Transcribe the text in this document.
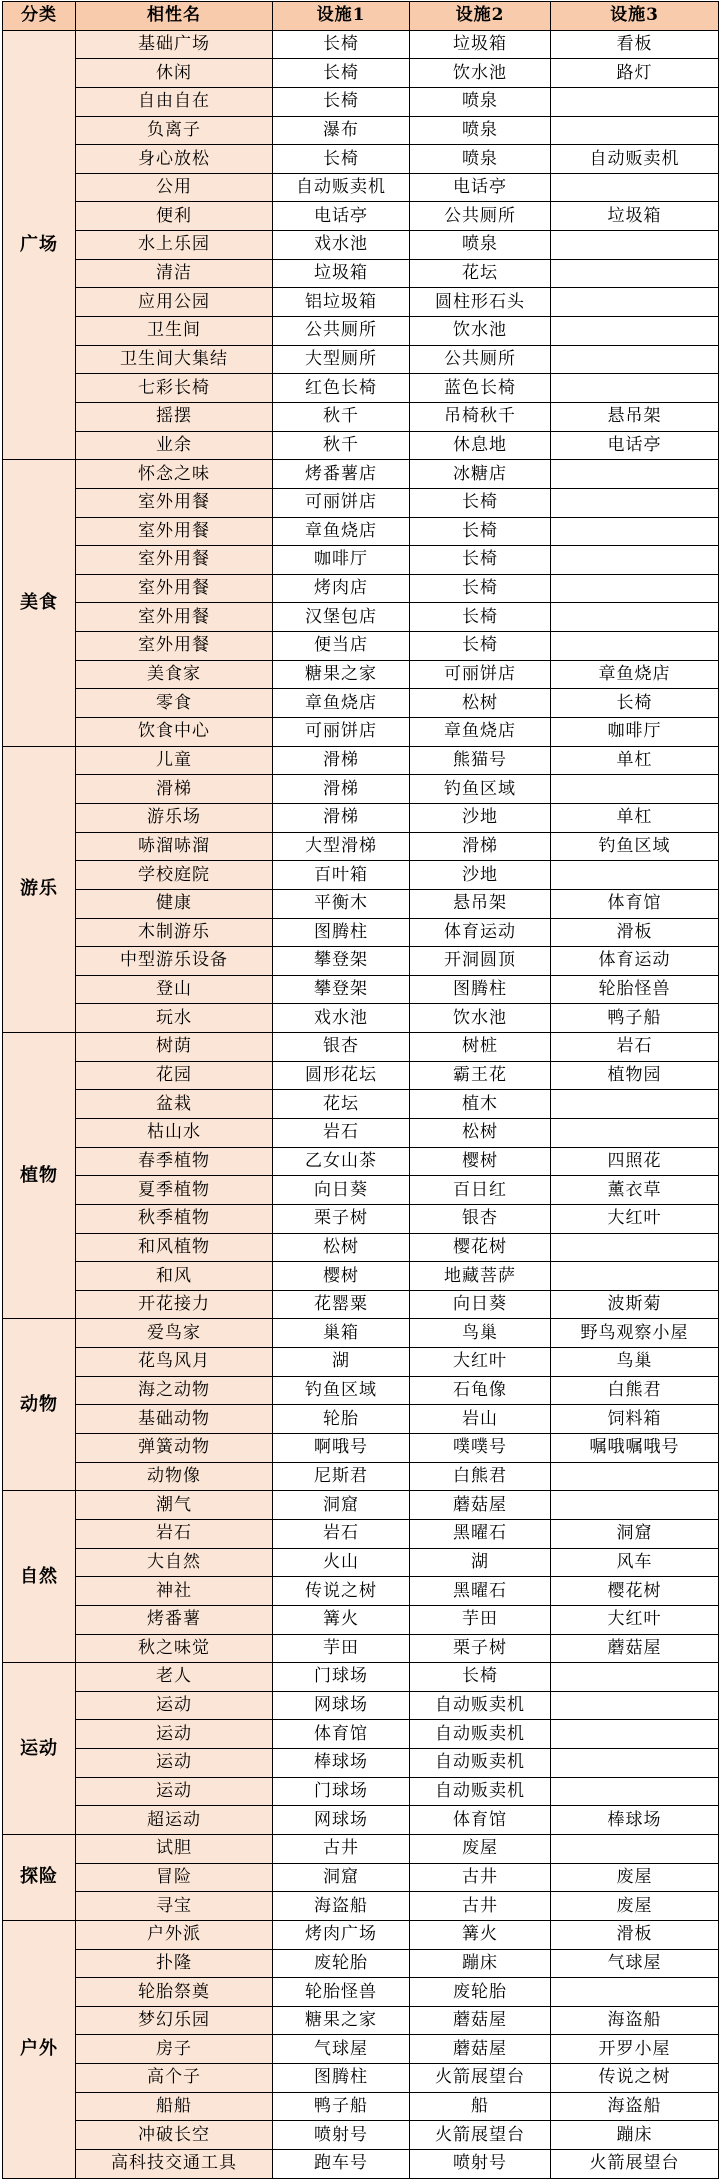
分类	相性名	设施1	设施2	设施3
广场	基础广场	长椅	垃圾箱	看板
	休闲	长椅	饮水池	路灯
	自由自在	长椅	喷泉	
	负离子	瀑布	喷泉	
	身心放松	长椅	喷泉	自动贩卖机
	公用	自动贩卖机	电话亭	
	便利	电话亭	公共厕所	垃圾箱
	水上乐园	戏水池	喷泉	
	清洁	垃圾箱	花坛	
	应用公园	铝垃圾箱	圆柱形石头	
	卫生间	公共厕所	饮水池	
	卫生间大集结	大型厕所	公共厕所	
	七彩长椅	红色长椅	蓝色长椅	
	摇摆	秋千	吊椅秋千	悬吊架
	业余	秋千	休息地	电话亭
美食	怀念之味	烤番薯店	冰糖店	
	室外用餐	可丽饼店	长椅	
	室外用餐	章鱼烧店	长椅	
	室外用餐	咖啡厅	长椅	
	室外用餐	烤肉店	长椅	
	室外用餐	汉堡包店	长椅	
	室外用餐	便当店	长椅	
	美食家	糖果之家	可丽饼店	章鱼烧店
	零食	章鱼烧店	松树	长椅
	饮食中心	可丽饼店	章鱼烧店	咖啡厅
游乐	儿童	滑梯	熊猫号	单杠
	滑梯	滑梯	钓鱼区域	
	游乐场	滑梯	沙地	单杠
	哧溜哧溜	大型滑梯	滑梯	钓鱼区域
	学校庭院	百叶箱	沙地	
	健康	平衡木	悬吊架	体育馆
	木制游乐	图腾柱	体育运动	滑板
	中型游乐设备	攀登架	开洞圆顶	体育运动
	登山	攀登架	图腾柱	轮胎怪兽
	玩水	戏水池	饮水池	鸭子船
植物	树荫	银杏	树桩	岩石
	花园	圆形花坛	霸王花	植物园
	盆栽	花坛	植木	
	枯山水	岩石	松树	
	春季植物	乙女山茶	樱树	四照花
	夏季植物	向日葵	百日红	薰衣草
	秋季植物	栗子树	银杏	大红叶
	和风植物	松树	樱花树	
	和风	樱树	地藏菩萨	
	开花接力	花罂粟	向日葵	波斯菊
动物	爱鸟家	巢箱	鸟巢	野鸟观察小屋
	花鸟风月	湖	大红叶	鸟巢
	海之动物	钓鱼区域	石龟像	白熊君
	基础动物	轮胎	岩山	饲料箱
	弹簧动物	啊哦号	噗噗号	嘱哦嘱哦号
	动物像	尼斯君	白熊君	
自然	潮气	洞窟	蘑菇屋	
	岩石	岩石	黑曜石	洞窟
	大自然	火山	湖	风车
	神社	传说之树	黑曜石	樱花树
	烤番薯	篝火	芋田	大红叶
	秋之味觉	芋田	栗子树	蘑菇屋
运动	老人	门球场	长椅	
	运动	网球场	自动贩卖机	
	运动	体育馆	自动贩卖机	
	运动	棒球场	自动贩卖机	
	运动	门球场	自动贩卖机	
	超运动	网球场	体育馆	棒球场
探险	试胆	古井	废屋	
	冒险	洞窟	古井	废屋
	寻宝	海盗船	古井	废屋
户外	户外派	烤肉广场	篝火	滑板
	扑隆	废轮胎	蹦床	气球屋
	轮胎祭奠	轮胎怪兽	废轮胎	
	梦幻乐园	糖果之家	蘑菇屋	海盗船
	房子	气球屋	蘑菇屋	开罗小屋
	高个子	图腾柱	火箭展望台	传说之树
	船船	鸭子船	船	海盗船
	冲破长空	喷射号	火箭展望台	蹦床
	高科技交通工具	跑车号	喷射号	火箭展望台
